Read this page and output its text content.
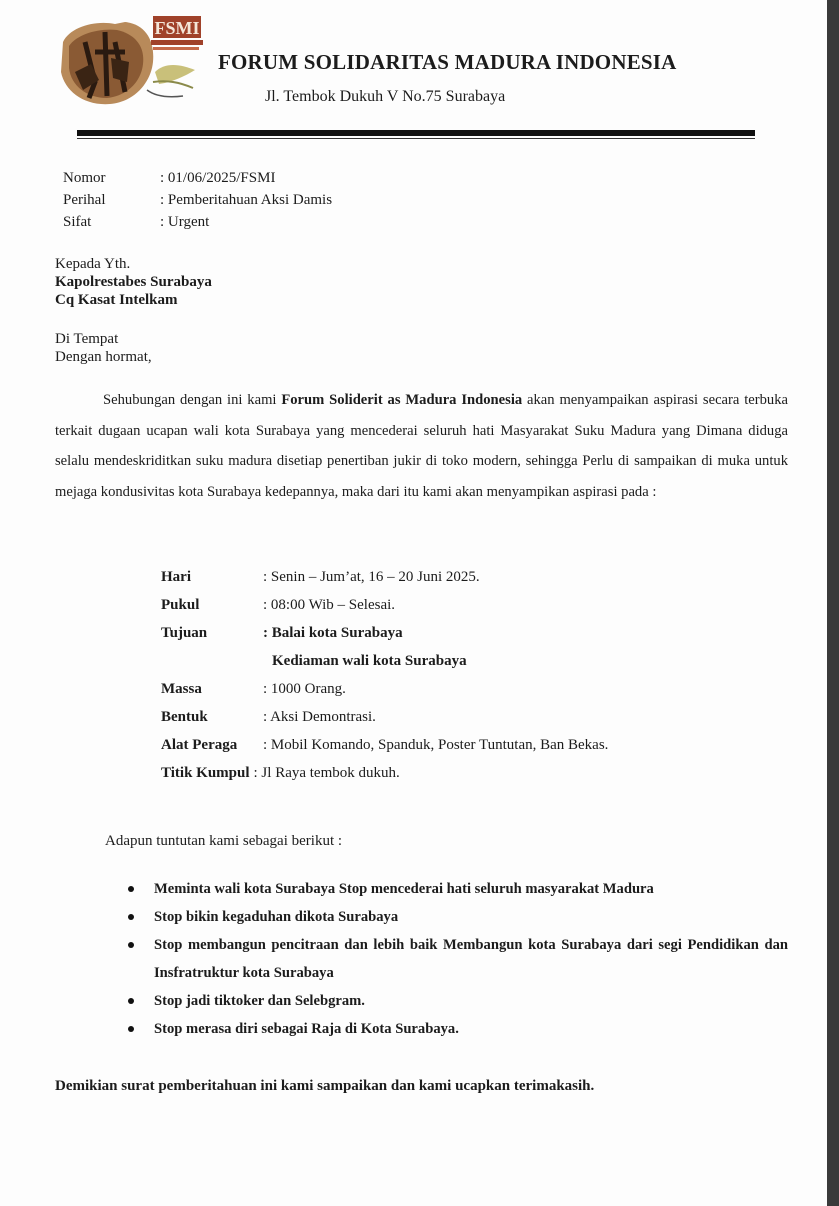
FSMI
FORUM SOLIDARITAS MADURA INDONESIA
Jl. Tembok Dukuh V No.75 Surabaya
Nomor	: 01/06/2025/FSMI
Perihal	: Pemberitahuan Aksi Damis
Sifat	: Urgent
Kepada Yth.
Kapolrestabes Surabaya
Cq Kasat Intelkam
Di Tempat
Dengan hormat,
Sehubungan dengan ini kami Forum Soliderit as Madura Indonesia akan menyampaikan aspirasi secara terbuka terkait dugaan ucapan wali kota Surabaya yang mencederai seluruh hati Masyarakat Suku Madura yang Dimana diduga selalu mendeskriditkan suku madura disetiap penertiban jukir di toko modern, sehingga Perlu di sampaikan di muka untuk mejaga kondusivitas kota Surabaya kedepannya, maka dari itu kami akan menyampikan aspirasi pada :
Hari	: Senin – Jum’at, 16 – 20 Juni 2025.
Pukul	: 08:00 Wib – Selesai.
Tujuan	: Balai kota Surabaya
Kediaman wali kota Surabaya
Massa	: 1000 Orang.
Bentuk	: Aksi Demontrasi.
Alat Peraga	: Mobil Komando, Spanduk, Poster Tuntutan, Ban Bekas.
Titik Kumpul : Jl Raya tembok dukuh.
Adapun tuntutan kami sebagai berikut :
Meminta wali kota Surabaya Stop mencederai hati seluruh masyarakat Madura
Stop bikin kegaduhan dikota Surabaya
Stop membangun pencitraan dan lebih baik Membangun kota Surabaya dari segi Pendidikan dan Insfratruktur kota Surabaya
Stop jadi tiktoker dan Selebgram.
Stop merasa diri sebagai Raja di Kota Surabaya.
Demikian surat pemberitahuan ini kami sampaikan dan kami ucapkan terimakasih.
